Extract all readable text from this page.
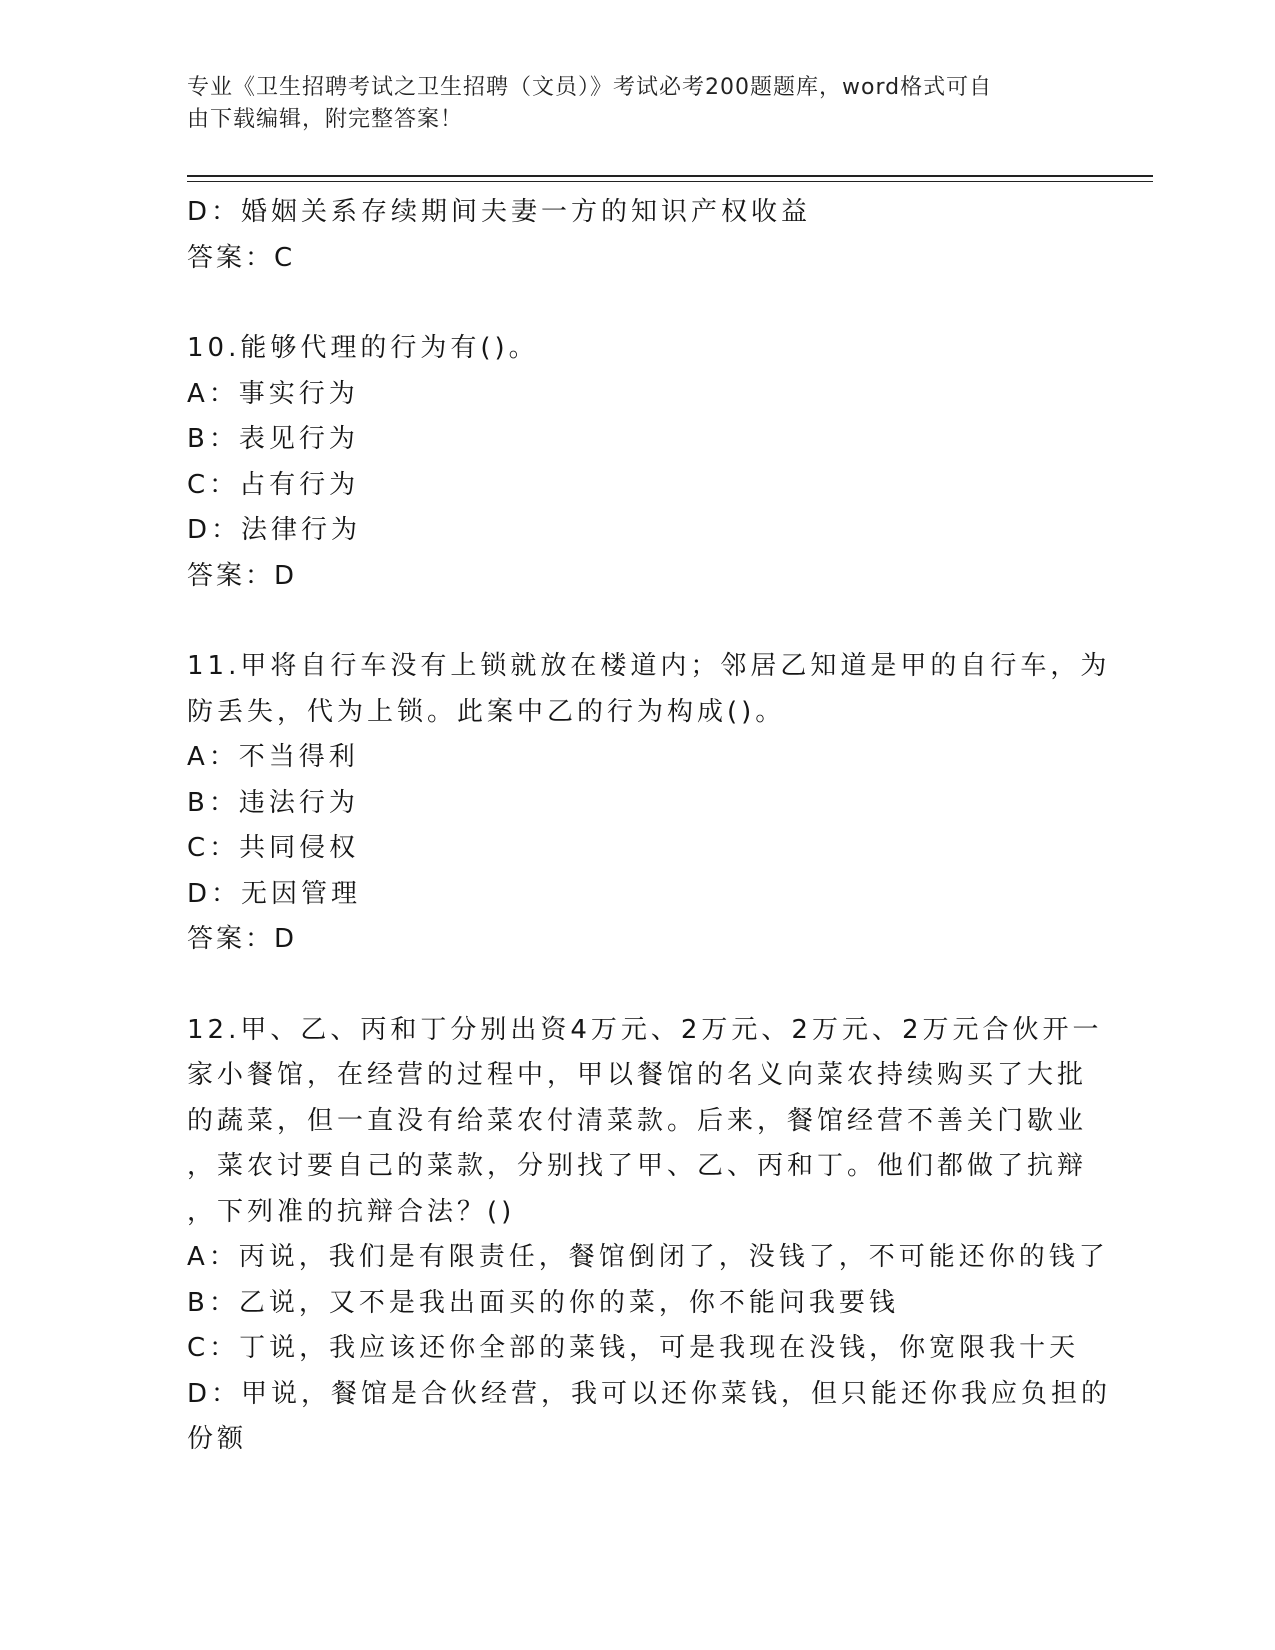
专业《卫生招聘考试之卫生招聘（文员）》考试必考200题题库，word格式可自
由下载编辑，附完整答案！
D：婚姻关系存续期间夫妻一方的知识产权收益
答案：C
10.能够代理的行为有()。
A：事实行为
B：表见行为
C：占有行为
D：法律行为
答案：D
11.甲将自行车没有上锁就放在楼道内；邻居乙知道是甲的自行车，为
防丢失，代为上锁。此案中乙的行为构成()。
A：不当得利
B：违法行为
C：共同侵权
D：无因管理
答案：D
12.甲、乙、丙和丁分别出资4万元、2万元、2万元、2万元合伙开一
家小餐馆，在经营的过程中，甲以餐馆的名义向菜农持续购买了大批
的蔬菜，但一直没有给菜农付清菜款。后来，餐馆经营不善关门歇业
，菜农讨要自己的菜款，分别找了甲、乙、丙和丁。他们都做了抗辩
，下列准的抗辩合法？()
A：丙说，我们是有限责任，餐馆倒闭了，没钱了，不可能还你的钱了
B：乙说，又不是我出面买的你的菜，你不能问我要钱
C：丁说，我应该还你全部的菜钱，可是我现在没钱，你宽限我十天
D：甲说，餐馆是合伙经营，我可以还你菜钱，但只能还你我应负担的
份额
